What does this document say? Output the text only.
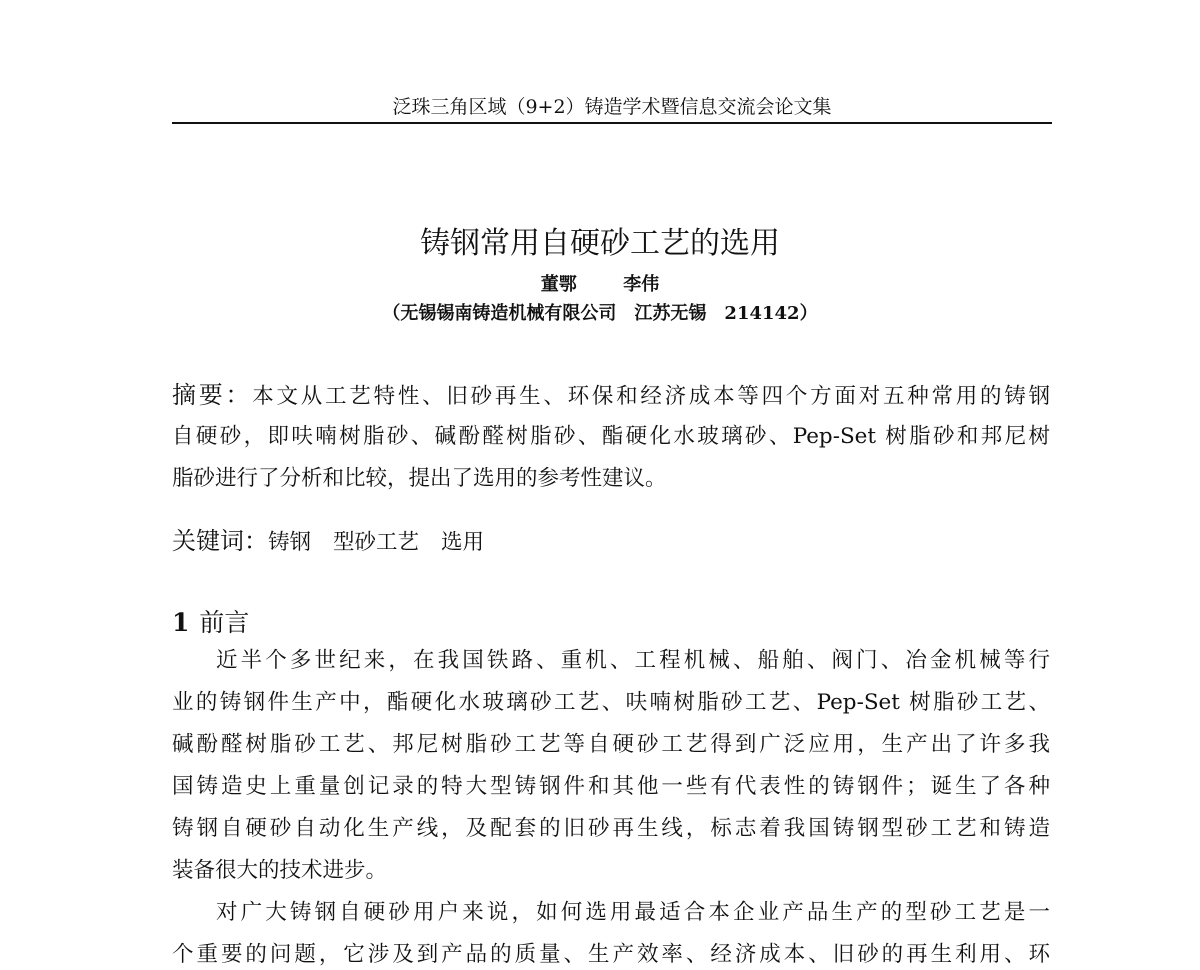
泛珠三角区域（9+2）铸造学术暨信息交流会论文集
铸钢常用自硬砂工艺的选用
董鄂	李伟
（无锡锡南铸造机械有限公司　江苏无锡　214142）
摘要：本文从工艺特性、旧砂再生、环保和经济成本等四个方面对五种常用的铸钢
自硬砂，即呋喃树脂砂、碱酚醛树脂砂、酯硬化水玻璃砂、Pep-Set 树脂砂和邦尼树
脂砂进行了分析和比较，提出了选用的参考性建议。
关键词：铸钢 型砂工艺 选用
1 前言
近半个多世纪来，在我国铁路、重机、工程机械、船舶、阀门、冶金机械等行
业的铸钢件生产中，酯硬化水玻璃砂工艺、呋喃树脂砂工艺、Pep-Set 树脂砂工艺、
碱酚醛树脂砂工艺、邦尼树脂砂工艺等自硬砂工艺得到广泛应用，生产出了许多我
国铸造史上重量创记录的特大型铸钢件和其他一些有代表性的铸钢件；诞生了各种
铸钢自硬砂自动化生产线，及配套的旧砂再生线，标志着我国铸钢型砂工艺和铸造
装备很大的技术进步。
对广大铸钢自硬砂用户来说，如何选用最适合本企业产品生产的型砂工艺是一
个重要的问题，它涉及到产品的质量、生产效率、经济成本、旧砂的再生利用、环
